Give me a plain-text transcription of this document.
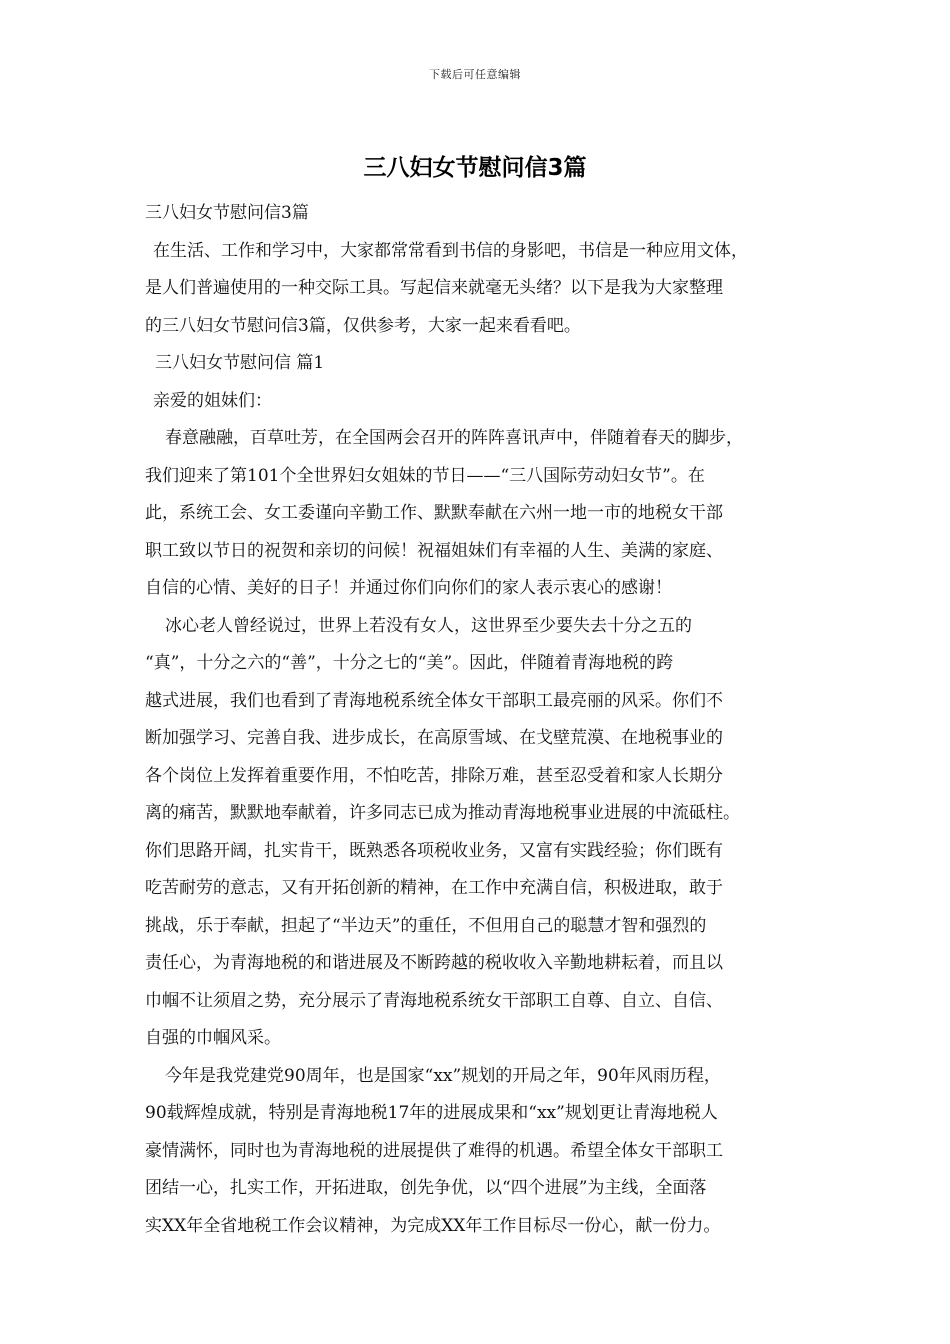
下载后可任意编辑
三八妇女节慰问信3篇
三八妇女节慰问信3篇
在生活、工作和学习中，大家都常常看到书信的身影吧，书信是一种应用文体，
是人们普遍使用的一种交际工具。写起信来就毫无头绪？以下是我为大家整理
的三八妇女节慰问信3篇，仅供参考，大家一起来看看吧。
三八妇女节慰问信 篇1
亲爱的姐妹们：
春意融融，百草吐芳，在全国两会召开的阵阵喜讯声中，伴随着春天的脚步，
我们迎来了第101个全世界妇女姐妹的节日——“三八国际劳动妇女节”。在
此，系统工会、女工委谨向辛勤工作、默默奉献在六州一地一市的地税女干部
职工致以节日的祝贺和亲切的问候！祝福姐妹们有幸福的人生、美满的家庭、
自信的心情、美好的日子！并通过你们向你们的家人表示衷心的感谢！
冰心老人曾经说过，世界上若没有女人，这世界至少要失去十分之五的
“真”，十分之六的“善”，十分之七的“美”。因此，伴随着青海地税的跨
越式进展，我们也看到了青海地税系统全体女干部职工最亮丽的风采。你们不
断加强学习、完善自我、进步成长，在高原雪域、在戈壁荒漠、在地税事业的
各个岗位上发挥着重要作用，不怕吃苦，排除万难，甚至忍受着和家人长期分
离的痛苦，默默地奉献着，许多同志已成为推动青海地税事业进展的中流砥柱。
你们思路开阔，扎实肯干，既熟悉各项税收业务，又富有实践经验；你们既有
吃苦耐劳的意志，又有开拓创新的精神，在工作中充满自信，积极进取，敢于
挑战，乐于奉献，担起了“半边天”的重任，不但用自己的聪慧才智和强烈的
责任心，为青海地税的和谐进展及不断跨越的税收收入辛勤地耕耘着，而且以
巾帼不让须眉之势，充分展示了青海地税系统女干部职工自尊、自立、自信、
自强的巾帼风采。
今年是我党建党90周年，也是国家“xx”规划的开局之年，90年风雨历程，
90载辉煌成就，特别是青海地税17年的进展成果和“xx”规划更让青海地税人
豪情满怀，同时也为青海地税的进展提供了难得的机遇。希望全体女干部职工
团结一心，扎实工作，开拓进取，创先争优，以“四个进展”为主线，全面落
实XX年全省地税工作会议精神，为完成XX年工作目标尽一份心，献一份力。
